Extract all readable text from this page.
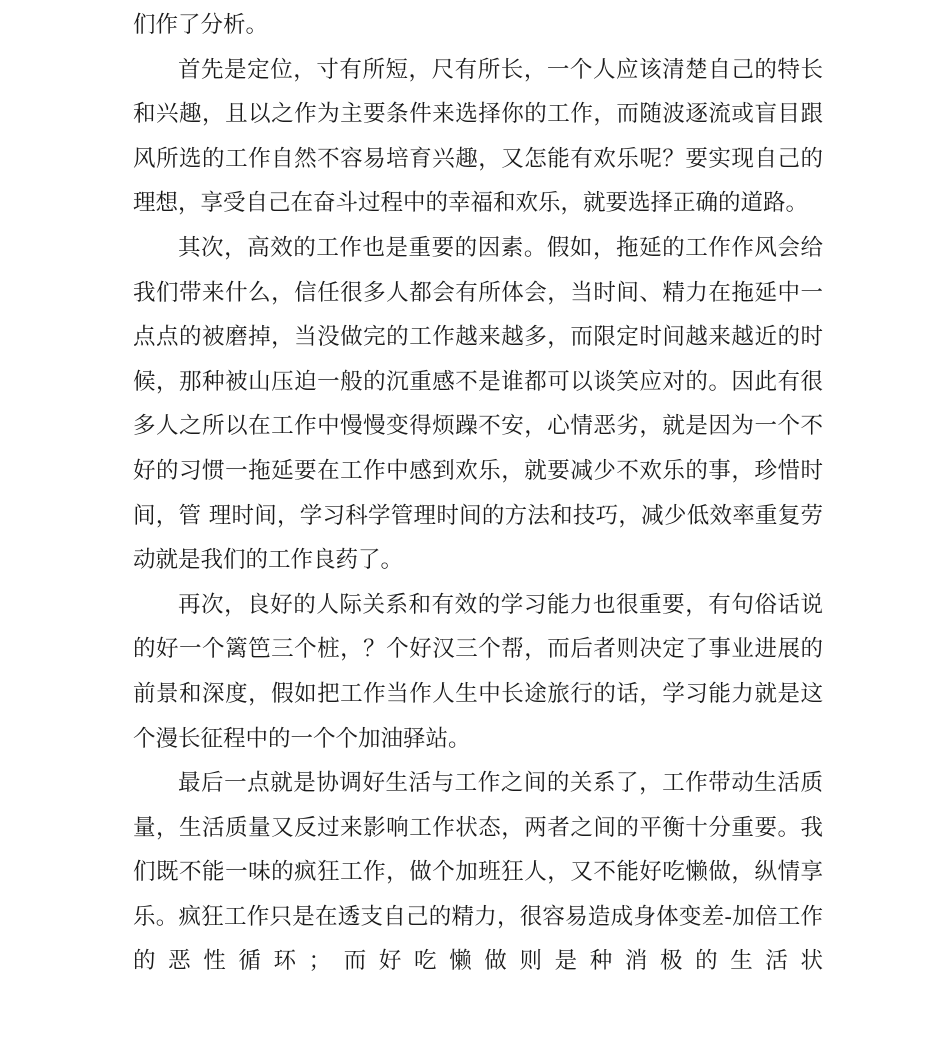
们作了分析。

首先是定位，寸有所短，尺有所长，一个人应该清楚自己的特长和兴趣，且以之作为主要条件来选择你的工作，而随波逐流或盲目跟风所选的工作自然不容易培育兴趣，又怎能有欢乐呢？要实现自己的理想，享受自己在奋斗过程中的幸福和欢乐，就要选择正确的道路。

其次，高效的工作也是重要的因素。假如，拖延的工作作风会给我们带来什么，信任很多人都会有所体会，当时间、精力在拖延中一点点的被磨掉，当没做完的工作越来越多，而限定时间越来越近的时候，那种被山压迫一般的沉重感不是谁都可以谈笑应对的。因此有很多人之所以在工作中慢慢变得烦躁不安，心情恶劣，就是因为一个不好的习惯一拖延要在工作中感到欢乐，就要减少不欢乐的事，珍惜时间，管 理时间，学习科学管理时间的方法和技巧，减少低效率重复劳动就是我们的工作良药了。

再次，良好的人际关系和有效的学习能力也很重要，有句俗话说的好一个篱笆三个桩，？个好汉三个帮，而后者则决定了事业进展的前景和深度，假如把工作当作人生中长途旅行的话，学习能力就是这个漫长征程中的一个个加油驿站。

最后一点就是协调好生活与工作之间的关系了，工作带动生活质量，生活质量又反过来影响工作状态，两者之间的平衡十分重要。我们既不能一味的疯狂工作，做个加班狂人，又不能好吃懒做，纵情享乐。疯狂工作只是在透支自己的精力，很容易造成身体变差-加倍工作的恶性循环；而好吃懒做则是种消极的生活状
